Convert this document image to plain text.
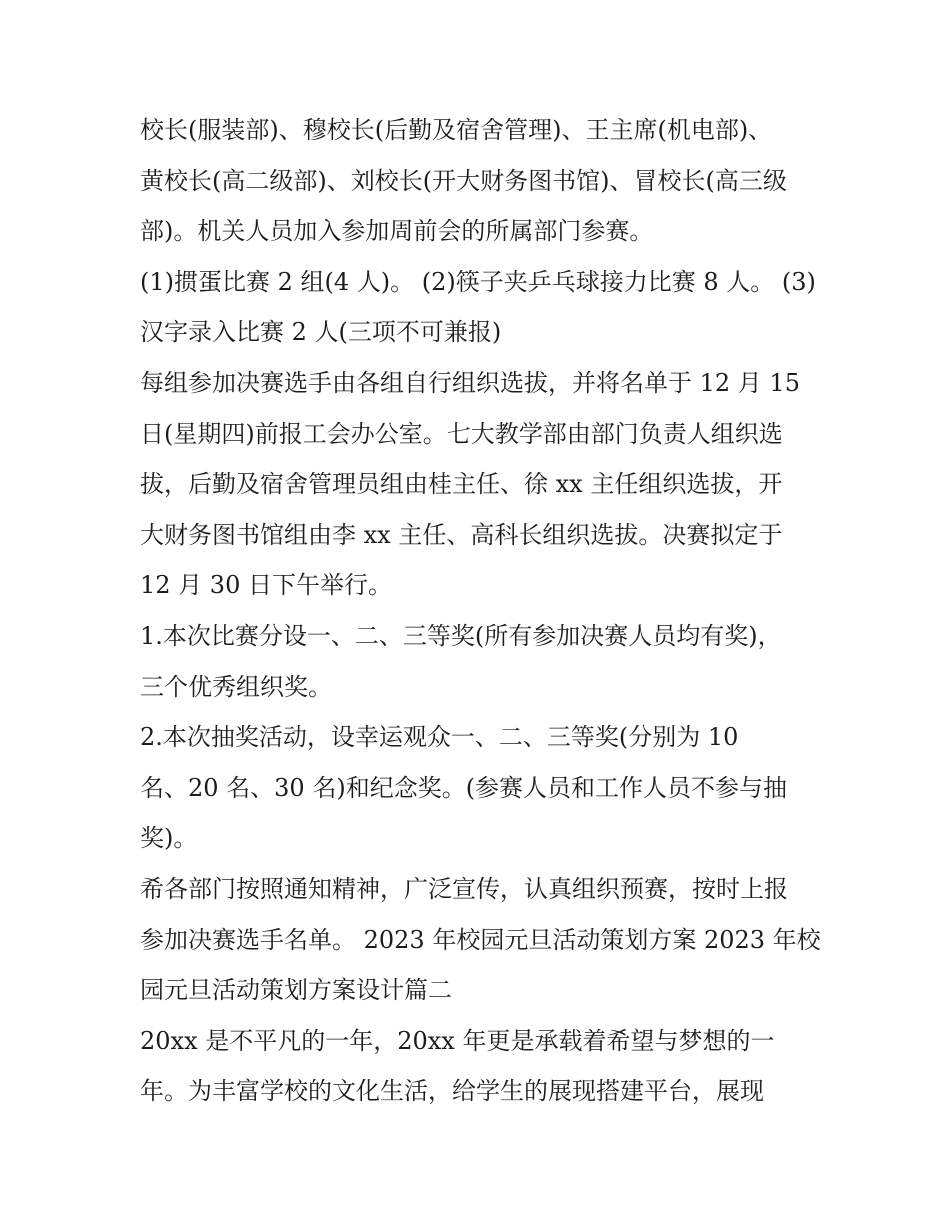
校长(服装部)、穆校长(后勤及宿舍管理)、王主席(机电部)、
黄校长(高二级部)、刘校长(开大财务图书馆)、冒校长(高三级
部)。机关人员加入参加周前会的所属部门参赛。
(1)掼蛋比赛 2 组(4 人)。 (2)筷子夹乒乓球接力比赛 8 人。 (3)
汉字录入比赛 2 人(三项不可兼报)
每组参加决赛选手由各组自行组织选拔，并将名单于 12 月 15
日(星期四)前报工会办公室。七大教学部由部门负责人组织选
拔，后勤及宿舍管理员组由桂主任、徐 xx 主任组织选拔，开
大财务图书馆组由李 xx 主任、高科长组织选拔。决赛拟定于
12 月 30 日下午举行。
1.本次比赛分设一、二、三等奖(所有参加决赛人员均有奖)，
三个优秀组织奖。
2.本次抽奖活动，设幸运观众一、二、三等奖(分别为 10
名、20 名、30 名)和纪念奖。(参赛人员和工作人员不参与抽
奖)。
希各部门按照通知精神，广泛宣传，认真组织预赛，按时上报
参加决赛选手名单。 2023 年校园元旦活动策划方案 2023 年校
园元旦活动策划方案设计篇二
20xx 是不平凡的一年，20xx 年更是承载着希望与梦想的一
年。为丰富学校的文化生活，给学生的展现搭建平台，展现
